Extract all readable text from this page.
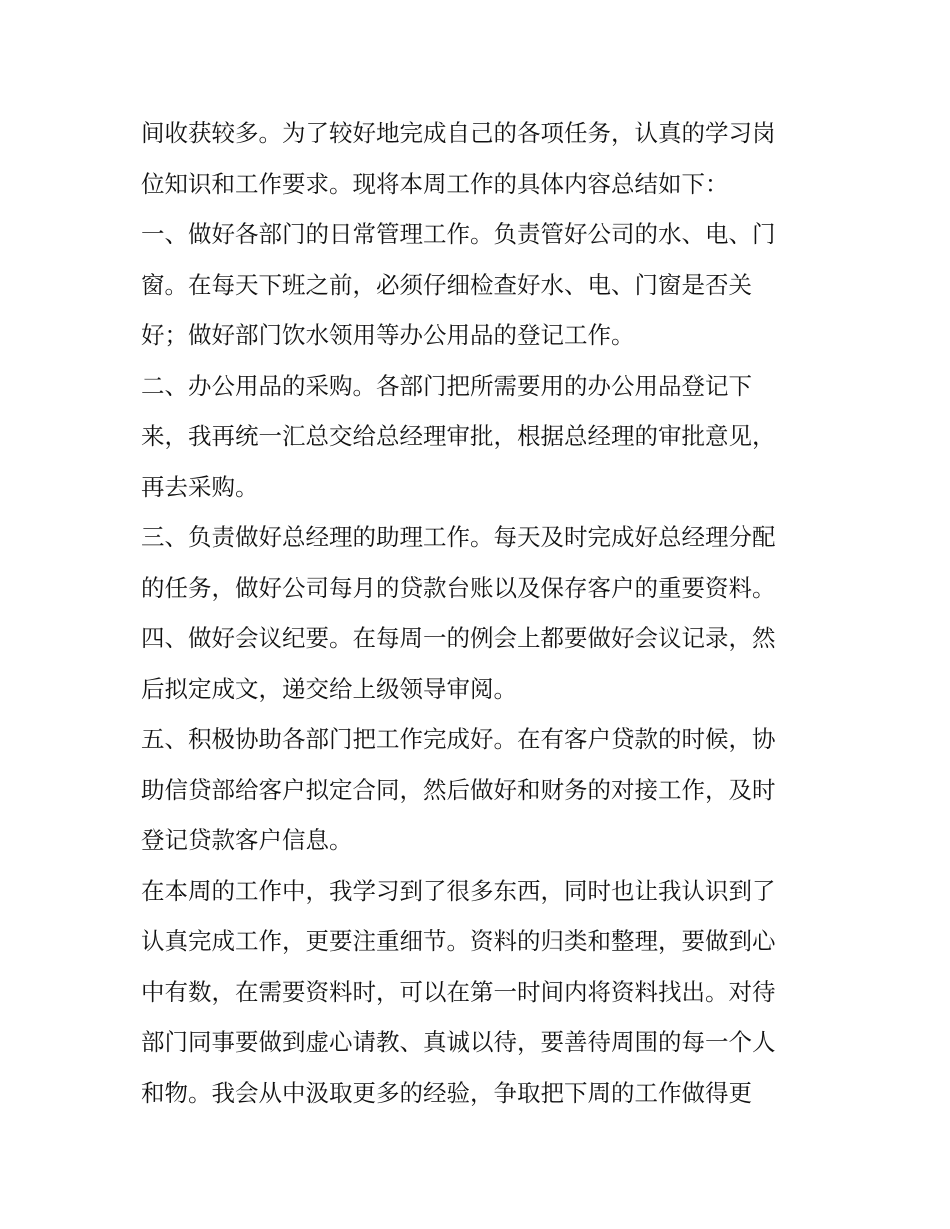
间收获较多。为了较好地完成自己的各项任务，认真的学习岗
位知识和工作要求。现将本周工作的具体内容总结如下：
一、做好各部门的日常管理工作。负责管好公司的水、电、门
窗。在每天下班之前，必须仔细检查好水、电、门窗是否关
好；做好部门饮水领用等办公用品的登记工作。
二、办公用品的采购。各部门把所需要用的办公用品登记下
来，我再统一汇总交给总经理审批，根据总经理的审批意见，
再去采购。
三、负责做好总经理的助理工作。每天及时完成好总经理分配
的任务，做好公司每月的贷款台账以及保存客户的重要资料。
四、做好会议纪要。在每周一的例会上都要做好会议记录，然
后拟定成文，递交给上级领导审阅。
五、积极协助各部门把工作完成好。在有客户贷款的时候，协
助信贷部给客户拟定合同，然后做好和财务的对接工作，及时
登记贷款客户信息。
在本周的工作中，我学习到了很多东西，同时也让我认识到了
认真完成工作，更要注重细节。资料的归类和整理，要做到心
中有数，在需要资料时，可以在第一时间内将资料找出。对待
部门同事要做到虚心请教、真诚以待，要善待周围的每一个人
和物。我会从中汲取更多的经验，争取把下周的工作做得更
